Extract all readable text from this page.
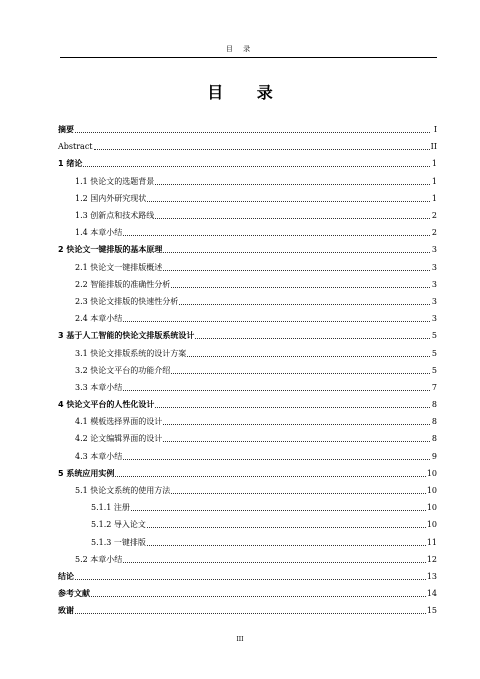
目 录
目 录
摘要	I
Abstract	II
1 绪论	1
1.1 快论文的选题背景	1
1.2 国内外研究现状	1
1.3 创新点和技术路线	2
1.4 本章小结	2
2 快论文一键排版的基本原理	3
2.1 快论文一键排版概述	3
2.2 智能排版的准确性分析	3
2.3 快论文排版的快速性分析	3
2.4 本章小结	3
3 基于人工智能的快论文排版系统设计	5
3.1 快论文排版系统的设计方案	5
3.2 快论文平台的功能介绍	5
3.3 本章小结	7
4 快论文平台的人性化设计	8
4.1 模板选择界面的设计	8
4.2 论文编辑界面的设计	8
4.3 本章小结	9
5 系统应用实例	10
5.1 快论文系统的使用方法	10
5.1.1 注册	10
5.1.2 导入论文	10
5.1.3 一键排版	11
5.2 本章小结	12
结论	13
参考文献	14
致谢	15
III
